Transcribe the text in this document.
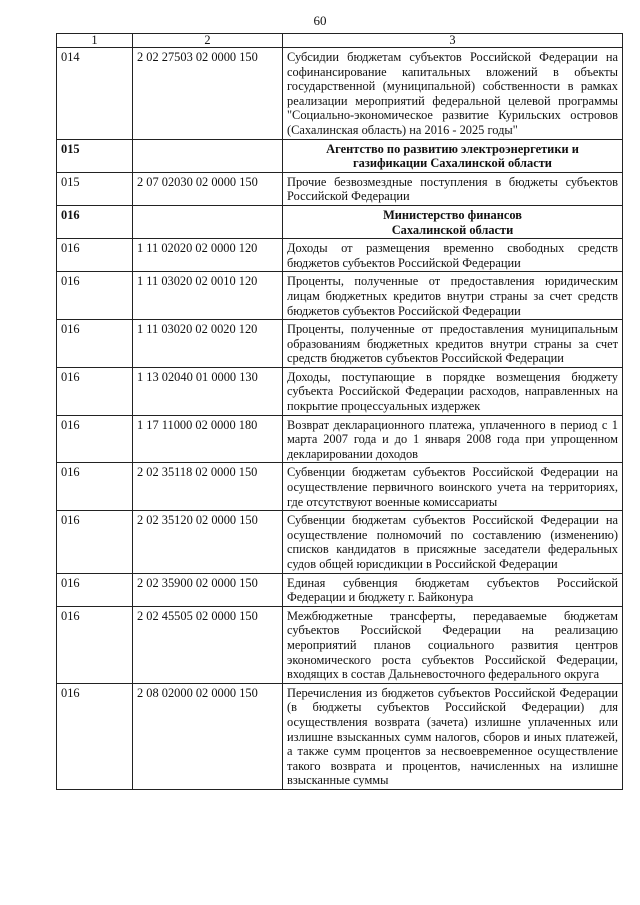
60
1	2	3
014	2 02 27503 02 0000 150	Субсидии бюджетам субъектов Российской Федерации на софинансирование капитальных вложений в объекты государственной (муниципальной) собственности в рамках реализации мероприятий федеральной целевой программы "Социально-экономическое развитие Курильских островов (Сахалинская область) на 2016 - 2025 годы"
015		Агентство по развитию электроэнергетики и
газификации Сахалинской области

015	2 07 02030 02 0000 150	Прочие безвозмездные поступления в бюджеты субъектов Российской Федерации
016		Министерство финансов
Сахалинской области

016	1 11 02020 02 0000 120	Доходы от размещения временно свободных средств бюджетов субъектов Российской Федерации
016	1 11 03020 02 0010 120	Проценты, полученные от предоставления юридическим лицам бюджетных кредитов внутри страны за счет средств бюджетов субъектов Российской Федерации
016	1 11 03020 02 0020 120	Проценты, полученные от предоставления муниципальным образованиям бюджетных кредитов внутри страны за счет средств бюджетов субъектов Российской Федерации
016	1 13 02040 01 0000 130	Доходы, поступающие в порядке возмещения бюджету субъекта Российской Федерации расходов, направленных на покрытие процессуальных издержек
016	1 17 11000 02 0000 180	Возврат декларационного платежа, уплаченного в период с 1 марта 2007 года и до 1 января 2008 года при упрощенном декларировании доходов
016	2 02 35118 02 0000 150	Субвенции бюджетам субъектов Российской Федерации на осуществление первичного воинского учета на территориях, где отсутствуют военные комиссариаты
016	2 02 35120 02 0000 150	Субвенции бюджетам субъектов Российской Федерации на осуществление полномочий по составлению (изменению) списков кандидатов в присяжные заседатели федеральных судов общей юрисдикции в Российской Федерации
016	2 02 35900 02 0000 150	Единая субвенция бюджетам субъектов Российской Федерации и бюджету г. Байконура
016	2 02 45505 02 0000 150	Межбюджетные трансферты, передаваемые бюджетам субъектов Российской Федерации на реализацию мероприятий планов социального развития центров экономического роста субъектов Российской Федерации, входящих в состав Дальневосточного федерального округа
016	2 08 02000 02 0000 150	Перечисления из бюджетов субъектов Российской Федерации (в бюджеты субъектов Российской Федерации) для осуществления возврата (зачета) излишне уплаченных или излишне взысканных сумм налогов, сборов и иных платежей, а также сумм процентов за несвоевременное осуществление такого возврата и процентов, начисленных на излишне взысканные суммы
